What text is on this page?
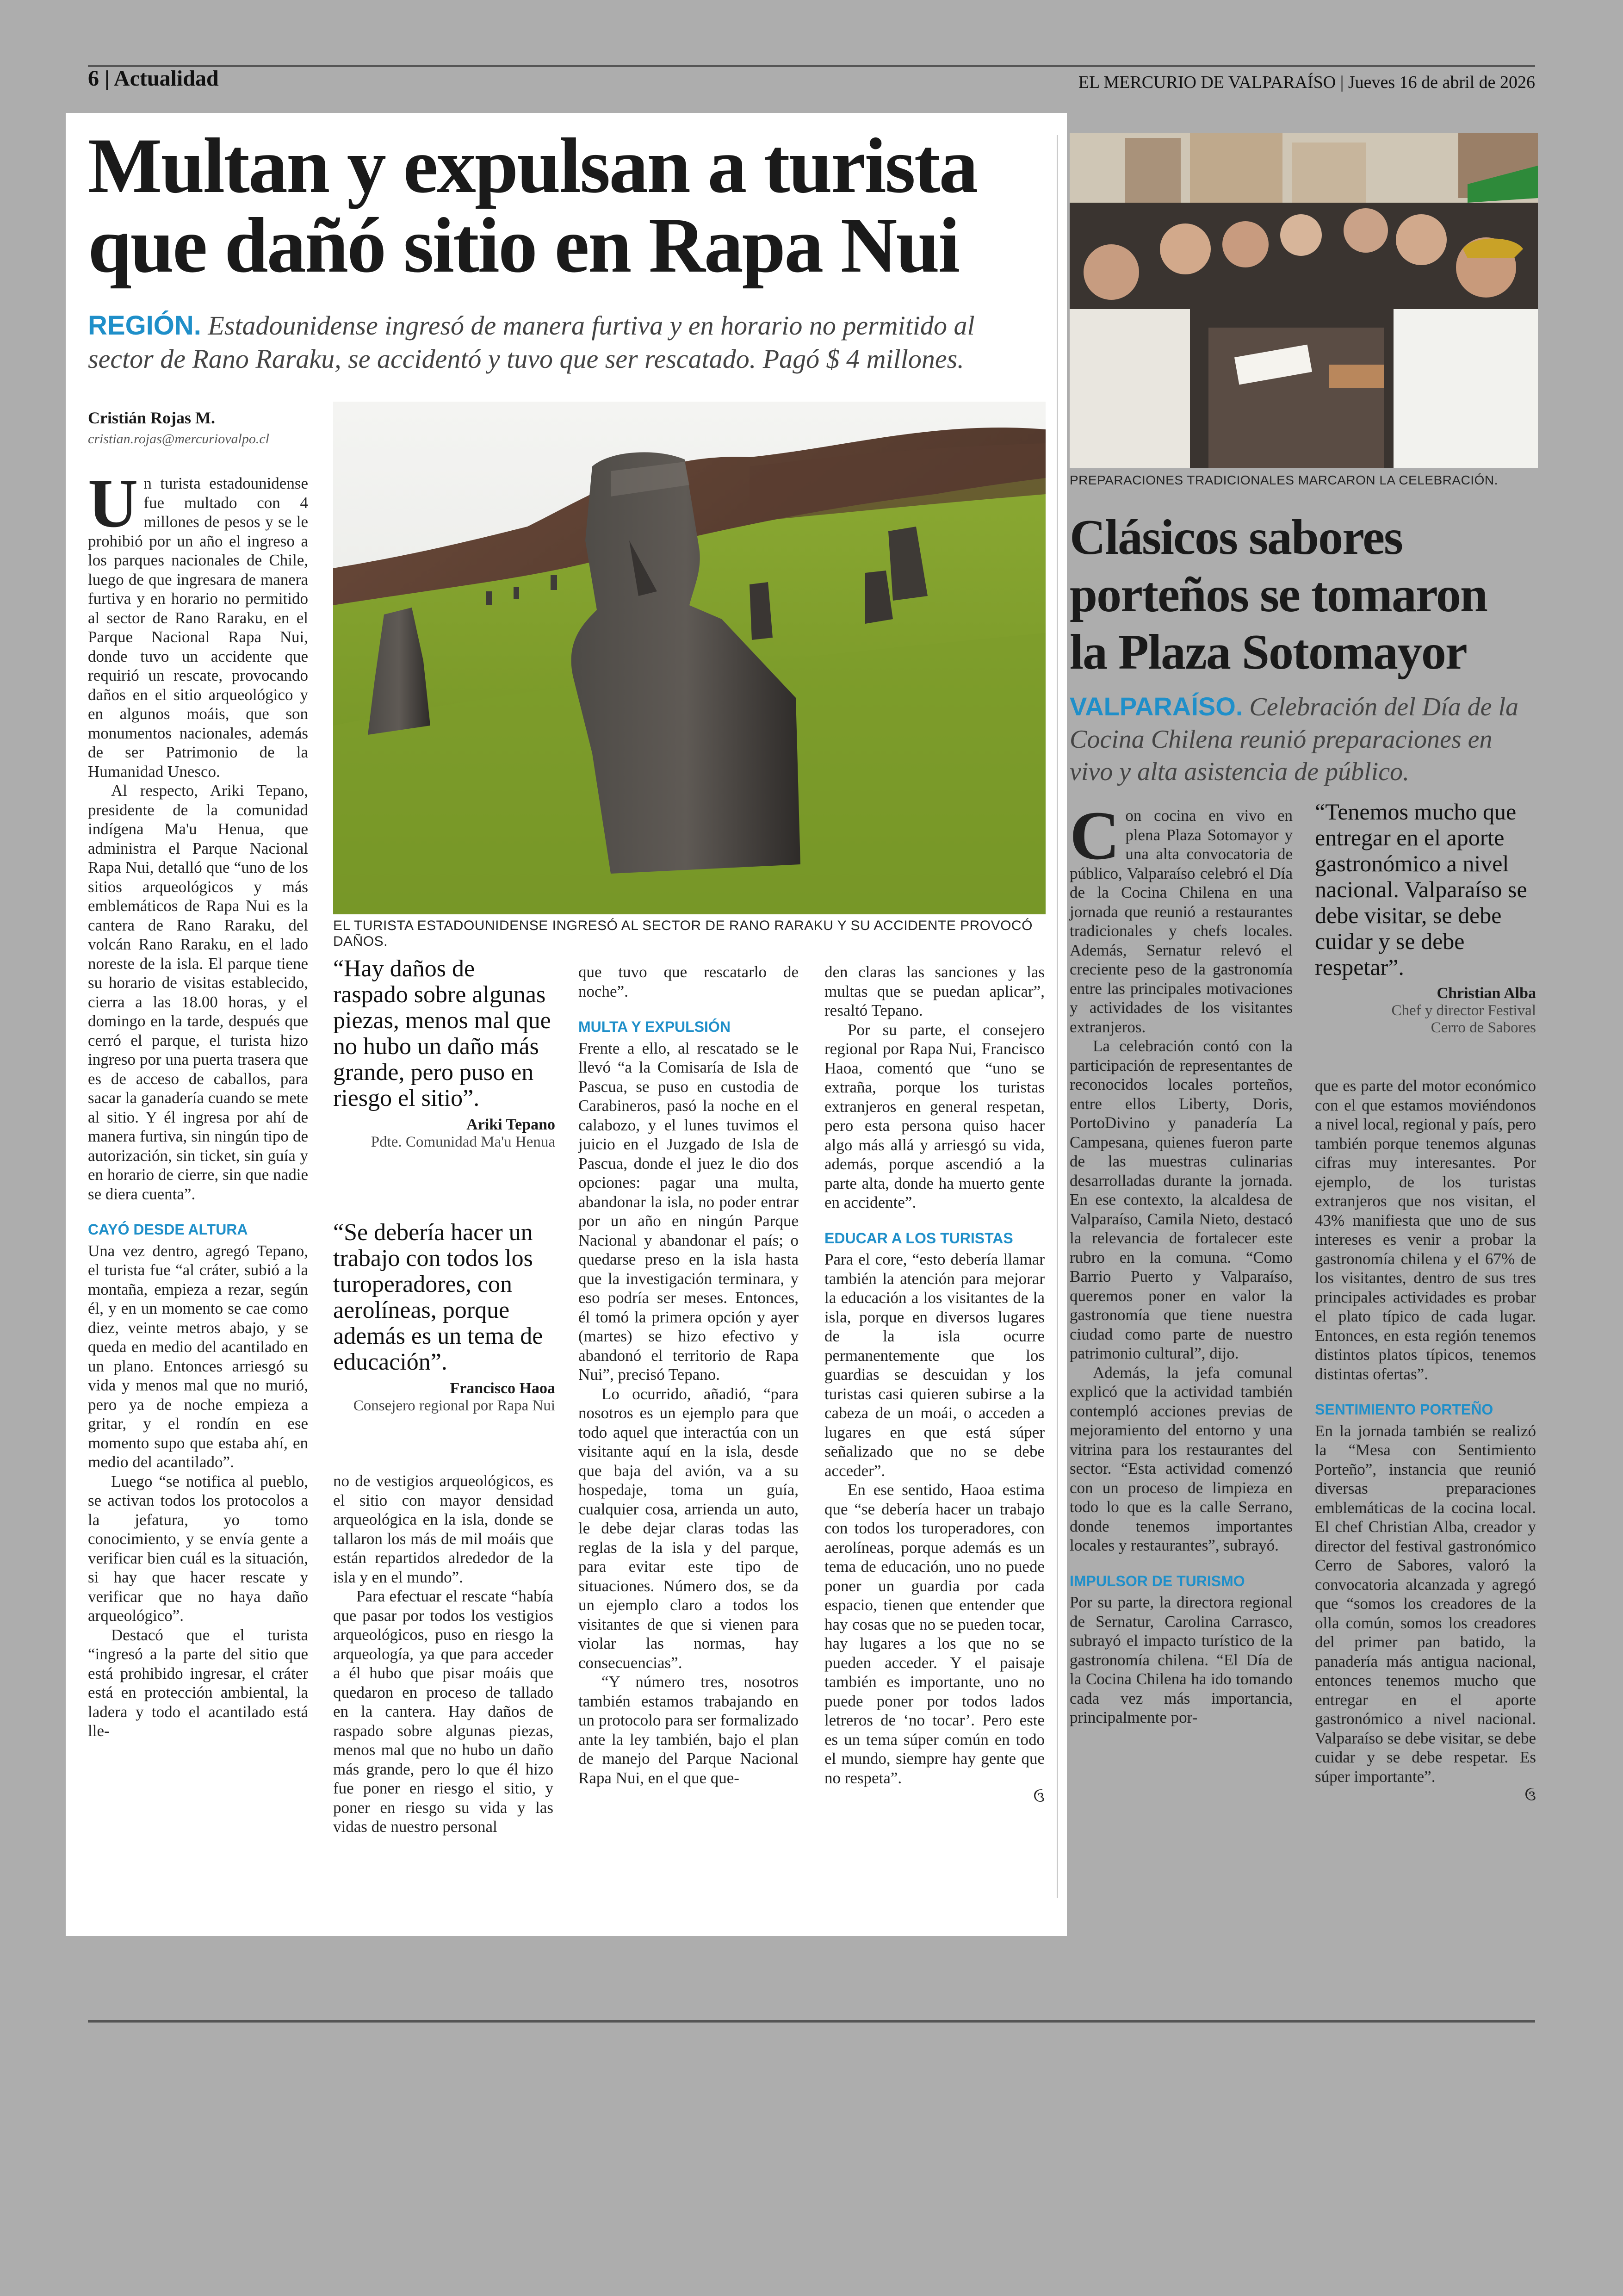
6 | Actualidad	EL MERCURIO DE VALPARAÍSO | Jueves 16 de abril de 2026
Multan y expulsan a turista
que dañó sitio en Rapa Nui
REGIÓN. Estadounidense ingresó de manera furtiva y en horario no permitido al sector de Rano Raraku, se accidentó y tuvo que ser rescatado. Pagó $ 4 millones.
Cristián Rojas M.
cristian.rojas@mercuriovalpo.cl
EL TURISTA ESTADOUNIDENSE INGRESÓ AL SECTOR DE RANO RARAKU Y SU ACCIDENTE PROVOCÓ DAÑOS.

Un turista estadounidense fue multado con 4 millones de pesos y se le prohibió por un año el ingreso a los parques nacionales de Chile, luego de que ingresara de manera furtiva y en horario no permitido al sector de Rano Raraku, en el Parque Nacional Rapa Nui, donde tuvo un accidente que requirió un rescate, provocando daños en el sitio arqueológico y en algunos moáis, que son monumentos nacionales, además de ser Patrimonio de la Humanidad Unesco.

Al respecto, Ariki Tepano, presidente de la comunidad indígena Ma'u Henua, que administra el Parque Nacional Rapa Nui, detalló que “uno de los sitios arqueológicos y más emblemáticos de Rapa Nui es la cantera de Rano Raraku, del volcán Rano Raraku, en el lado noreste de la isla. El parque tiene su horario de visitas establecido, cierra a las 18.00 horas, y el domingo en la tarde, después que cerró el parque, el turista hizo ingreso por una puerta trasera que es de acceso de caballos, para sacar la ganadería cuando se mete al sitio. Y él ingresa por ahí de manera furtiva, sin ningún tipo de autorización, sin ticket, sin guía y en horario de cierre, sin que nadie se diera cuenta”.

CAYÓ DESDE ALTURA

Una vez dentro, agregó Tepano, el turista fue “al cráter, subió a la montaña, empieza a rezar, según él, y en un momento se cae como diez, veinte metros abajo, y se queda en medio del acantilado en un plano. Entonces arriesgó su vida y menos mal que no murió, pero ya de noche empieza a gritar, y el rondín en ese momento supo que estaba ahí, en medio del acantilado”.

Luego “se notifica al pueblo, se activan todos los protocolos a la jefatura, yo tomo conocimiento, y se envía gente a verificar bien cuál es la situación, si hay que hacer rescate y verificar que no haya daño arqueológico”.

Destacó que el turista “ingresó a la parte del sitio que está prohibido ingresar, el cráter está en protección ambiental, la ladera y todo el acantilado está lle-

“Hay daños de raspado sobre algunas piezas, menos mal que no hubo un daño más grande, pero puso en riesgo el sitio”.
Ariki Tepano
Pdte. Comunidad Ma'u Henua
“Se debería hacer un trabajo con todos los turoperadores, con aerolíneas, porque además es un tema de educación”.
Francisco Haoa
Consejero regional por Rapa Nui

no de vestigios arqueológicos, es el sitio con mayor densidad arqueológica en la isla, donde se tallaron los más de mil moáis que están repartidos alrededor de la isla y en el mundo”.

Para efectuar el rescate “había que pasar por todos los vestigios arqueológicos, puso en riesgo la arqueología, ya que para acceder a él hubo que pisar moáis que quedaron en proceso de tallado en la cantera. Hay daños de raspado sobre algunas piezas, menos mal que no hubo un daño más grande, pero lo que él hizo fue poner en riesgo el sitio, y poner en riesgo su vida y las vidas de nuestro personal

que tuvo que rescatarlo de noche”.

MULTA Y EXPULSIÓN

Frente a ello, al rescatado se le llevó “a la Comisaría de Isla de Pascua, se puso en custodia de Carabineros, pasó la noche en el calabozo, y el lunes tuvimos el juicio en el Juzgado de Isla de Pascua, donde el juez le dio dos opciones: pagar una multa, abandonar la isla, no poder entrar por un año en ningún Parque Nacional y abandonar el país; o quedarse preso en la isla hasta que la investigación terminara, y eso podría ser meses. Entonces, él tomó la primera opción y ayer (martes) se hizo efectivo y abandonó el territorio de Rapa Nui”, precisó Tepano.

Lo ocurrido, añadió, “para nosotros es un ejemplo para que todo aquel que interactúa con un visitante aquí en la isla, desde que baja del avión, va a su hospedaje, toma un guía, cualquier cosa, arrienda un auto, le debe dejar claras todas las reglas de la isla y del parque, para evitar este tipo de situaciones. Número dos, se da un ejemplo claro a todos los visitantes de que si vienen para violar las normas, hay consecuencias”.

“Y número tres, nosotros también estamos trabajando en un protocolo para ser formalizado ante la ley también, bajo el plan de manejo del Parque Nacional Rapa Nui, en el que que-

den claras las sanciones y las multas que se puedan aplicar”, resaltó Tepano.

Por su parte, el consejero regional por Rapa Nui, Francisco Haoa, comentó que “uno se extraña, porque los turistas extranjeros en general respetan, pero esta persona quiso hacer algo más allá y arriesgó su vida, además, porque ascendió a la parte alta, donde ha muerto gente en accidente”.

EDUCAR A LOS TURISTAS

Para el core, “esto debería llamar también la atención para mejorar la educación a los visitantes de la isla, porque en diversos lugares de la isla ocurre permanentemente que los guardias se descuidan y los turistas casi quieren subirse a la cabeza de un moái, o acceden a lugares en que está súper señalizado que no se debe acceder”.

En ese sentido, Haoa estima que “se debería hacer un trabajo con todos los turoperadores, con aerolíneas, porque además es un tema de educación, uno no puede poner un guardia por cada espacio, tienen que entender que hay cosas que no se pueden tocar, hay lugares a los que no se pueden acceder. Y el paisaje también es importante, uno no puede poner por todos lados letreros de ‘no tocar’. Pero este es un tema súper común en todo el mundo, siempre hay gente que no respeta”.

ઉ
PREPARACIONES TRADICIONALES MARCARON LA CELEBRACIÓN.
Clásicos sabores
porteños se tomaron
la Plaza Sotomayor
VALPARAÍSO. Celebración del Día de la Cocina Chilena reunió preparaciones en vivo y alta asistencia de público.

Con cocina en vivo en plena Plaza Sotomayor y una alta convocatoria de público, Valparaíso celebró el Día de la Cocina Chilena en una jornada que reunió a restaurantes tradicionales y chefs locales. Además, Sernatur relevó el creciente peso de la gastronomía entre las principales motivaciones y actividades de los visitantes extranjeros.

La celebración contó con la participación de representantes de reconocidos locales porteños, entre ellos Liberty, Doris, PortoDivino y panadería La Campesana, quienes fueron parte de las muestras culinarias desarrolladas durante la jornada. En ese contexto, la alcaldesa de Valparaíso, Camila Nieto, destacó la relevancia de fortalecer este rubro en la comuna. “Como Barrio Puerto y Valparaíso, queremos poner en valor la gastronomía que tiene nuestra ciudad como parte de nuestro patrimonio cultural”, dijo.

Además, la jefa comunal explicó que la actividad también contempló acciones previas de mejoramiento del entorno y una vitrina para los restaurantes del sector. “Esta actividad comenzó con un proceso de limpieza en todo lo que es la calle Serrano, donde tenemos importantes locales y restaurantes”, subrayó.

IMPULSOR DE TURISMO

Por su parte, la directora regional de Sernatur, Carolina Carrasco, subrayó el impacto turístico de la gastronomía chilena. “El Día de la Cocina Chilena ha ido tomando cada vez más importancia, principalmente por-

“Tenemos mucho que entregar en el aporte gastronómico a nivel nacional. Valparaíso se debe visitar, se debe cuidar y se debe respetar”.
Christian Alba
Chef y director Festival
Cerro de Sabores

que es parte del motor económico con el que estamos moviéndonos a nivel local, regional y país, pero también porque tenemos algunas cifras muy interesantes. Por ejemplo, de los turistas extranjeros que nos visitan, el 43% manifiesta que uno de sus intereses es venir a probar la gastronomía chilena y el 67% de los visitantes, dentro de sus tres principales actividades es probar el plato típico de cada lugar. Entonces, en esta región tenemos distintos platos típicos, tenemos distintas ofertas”.

SENTIMIENTO PORTEÑO

En la jornada también se realizó la “Mesa con Sentimiento Porteño”, instancia que reunió diversas preparaciones emblemáticas de la cocina local. El chef Christian Alba, creador y director del festival gastronómico Cerro de Sabores, valoró la convocatoria alcanzada y agregó que “somos los creadores de la olla común, somos los creadores del primer pan batido, la panadería más antigua nacional, entonces tenemos mucho que entregar en el aporte gastronómico a nivel nacional. Valparaíso se debe visitar, se debe cuidar y se debe respetar. Es súper importante”.

ઉ
